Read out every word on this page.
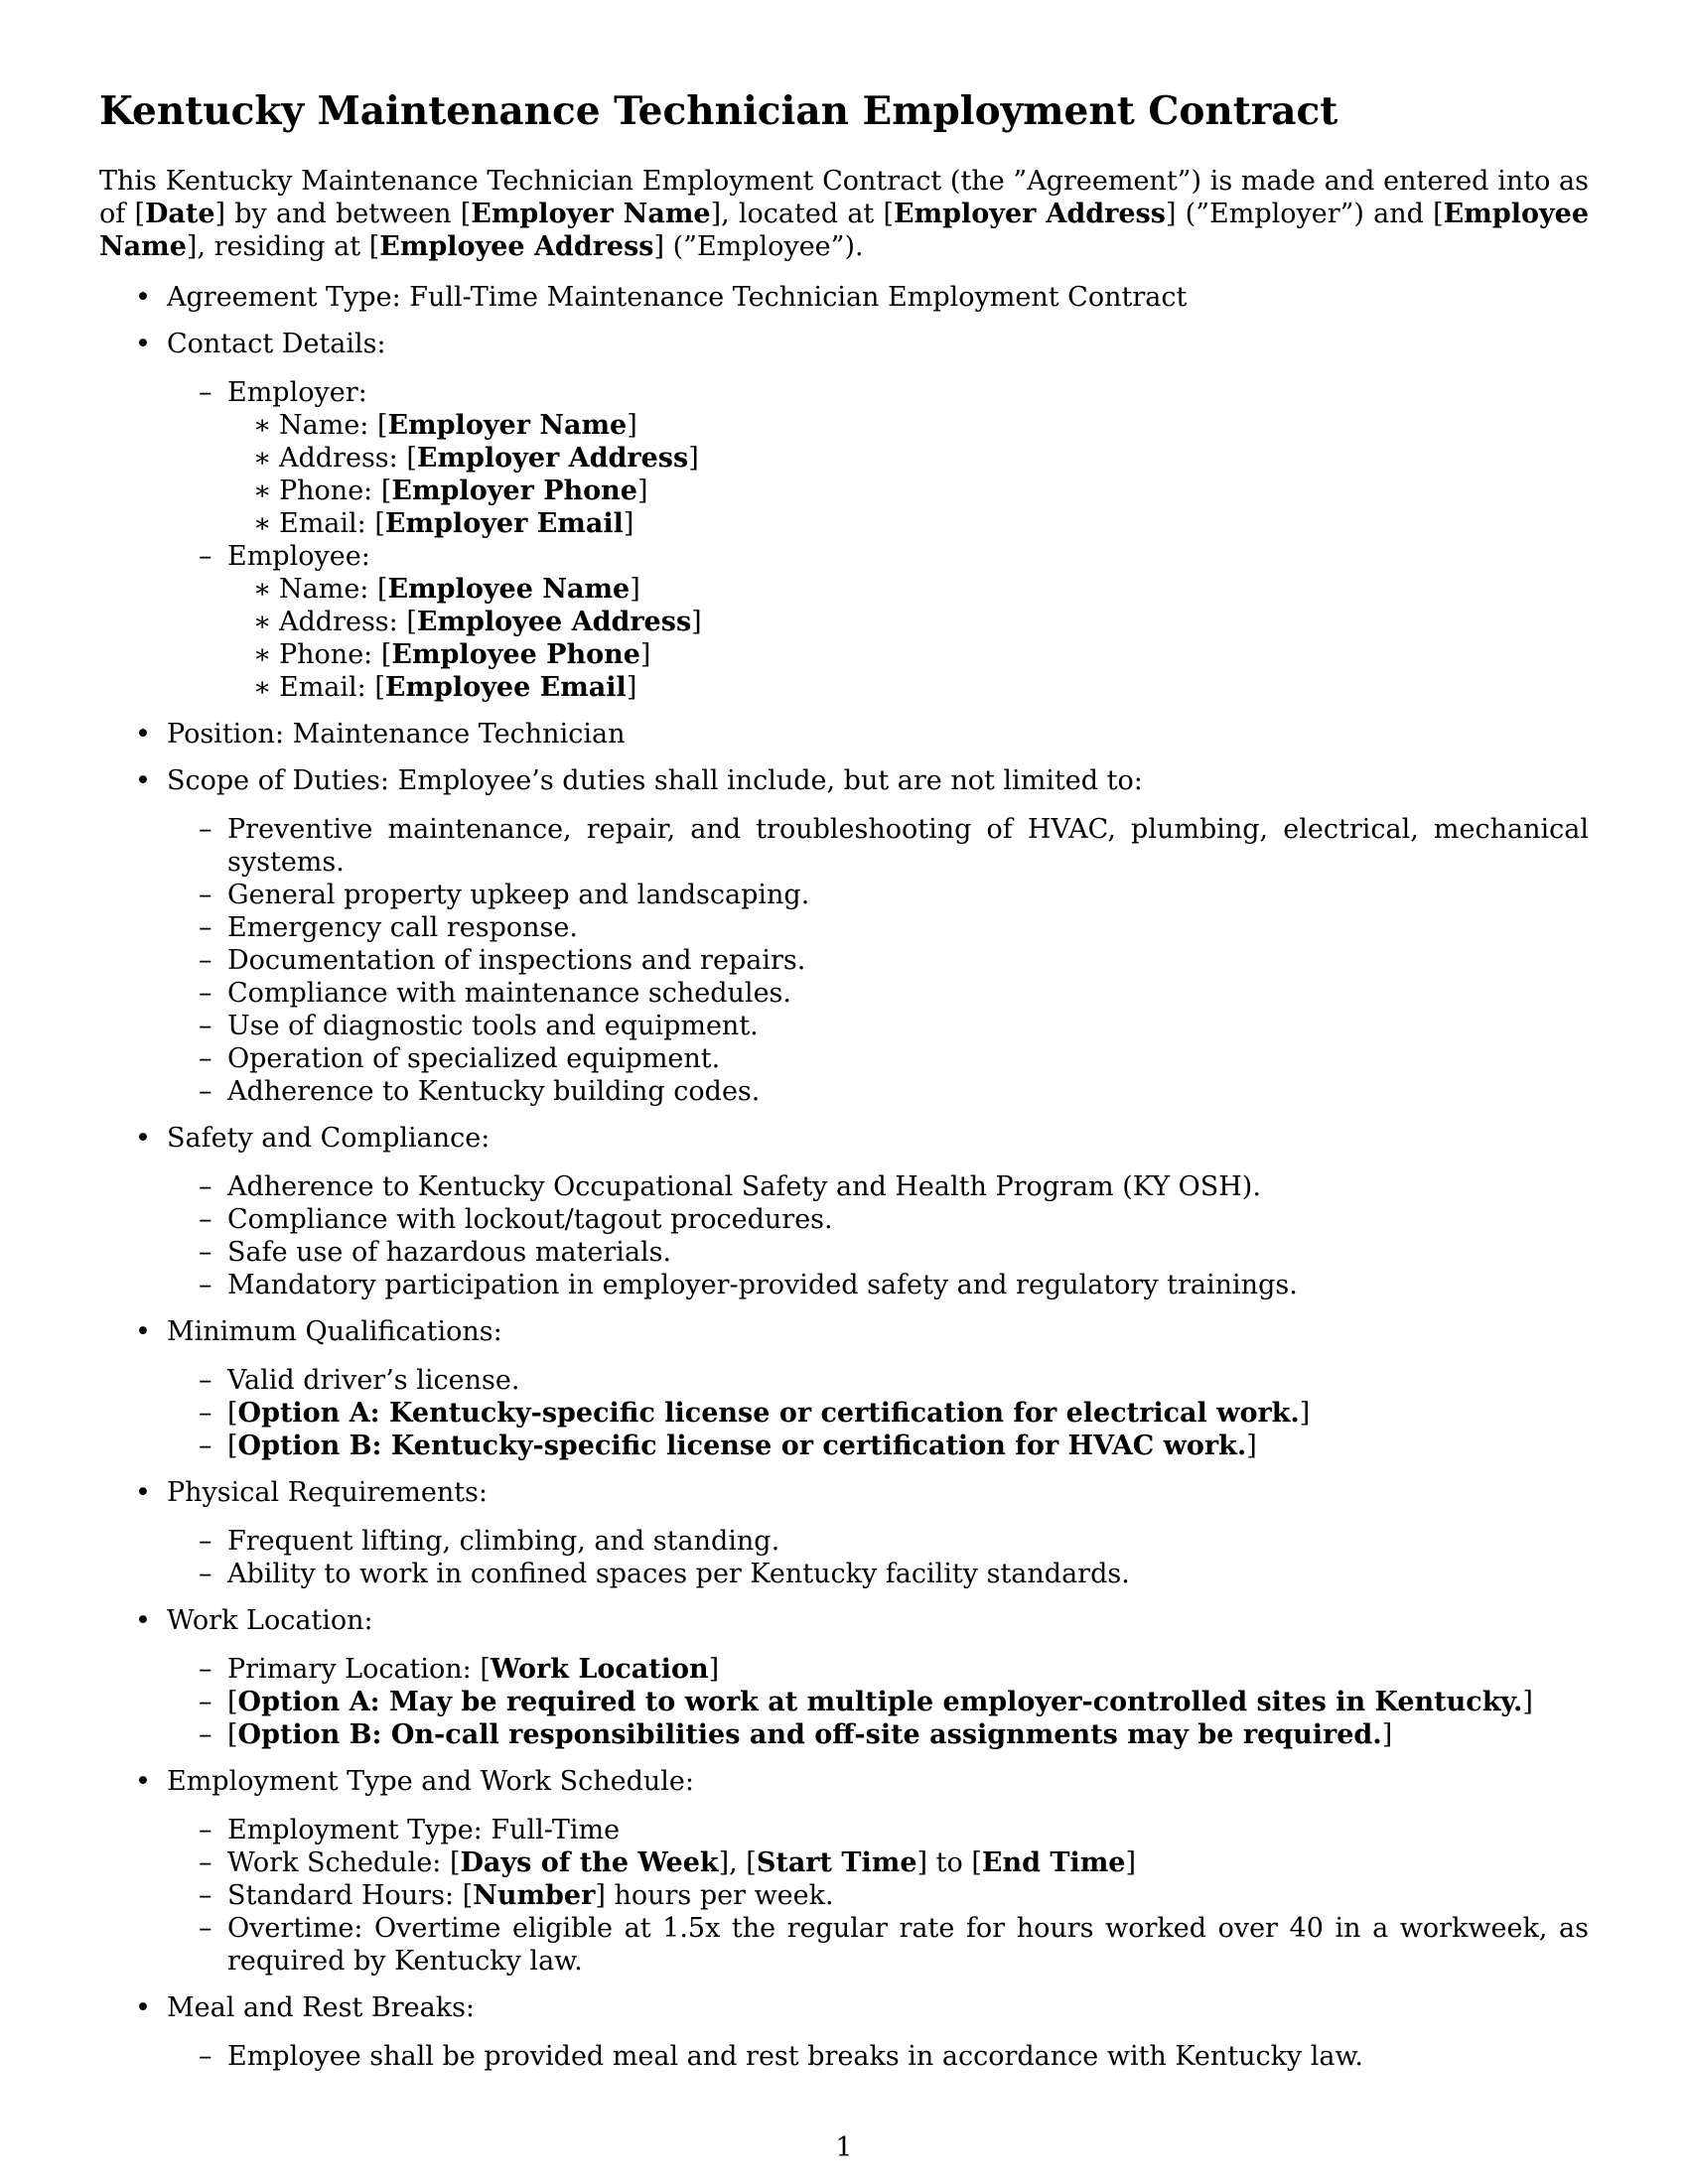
Kentucky Maintenance Technician Employment Contract

This Kentucky Maintenance Technician Employment Contract (the ”Agreement”) is made and entered into as of [Date] by and between [Employer Name], located at [Employer Address] (”Employer”) and [Employee Name], residing at [Employee Address] (”Employee”).

• Agreement Type: Full-Time Maintenance Technician Employment Contract
• Contact Details:
– Employer:
∗ Name: [Employer Name]
∗ Address: [Employer Address]
∗ Phone: [Employer Phone]
∗ Email: [Employer Email]
– Employee:
∗ Name: [Employee Name]
∗ Address: [Employee Address]
∗ Phone: [Employee Phone]
∗ Email: [Employee Email]
• Position: Maintenance Technician
• Scope of Duties: Employee’s duties shall include, but are not limited to:
– Preventive maintenance, repair, and troubleshooting of HVAC, plumbing, electrical, mechanical systems.
– General property upkeep and landscaping.
– Emergency call response.
– Documentation of inspections and repairs.
– Compliance with maintenance schedules.
– Use of diagnostic tools and equipment.
– Operation of specialized equipment.
– Adherence to Kentucky building codes.
• Safety and Compliance:
– Adherence to Kentucky Occupational Safety and Health Program (KY OSH).
– Compliance with lockout/tagout procedures.
– Safe use of hazardous materials.
– Mandatory participation in employer-provided safety and regulatory trainings.
• Minimum Qualifications:
– Valid driver’s license.
– [Option A: Kentucky-specific license or certification for electrical work.]
– [Option B: Kentucky-specific license or certification for HVAC work.]
• Physical Requirements:
– Frequent lifting, climbing, and standing.
– Ability to work in confined spaces per Kentucky facility standards.
• Work Location:
– Primary Location: [Work Location]
– [Option A: May be required to work at multiple employer-controlled sites in Kentucky.]
– [Option B: On-call responsibilities and off-site assignments may be required.]
• Employment Type and Work Schedule:
– Employment Type: Full-Time
– Work Schedule: [Days of the Week], [Start Time] to [End Time]
– Standard Hours: [Number] hours per week.
– Overtime: Overtime eligible at 1.5x the regular rate for hours worked over 40 in a workweek, as required by Kentucky law.
• Meal and Rest Breaks:
– Employee shall be provided meal and rest breaks in accordance with Kentucky law.
1
